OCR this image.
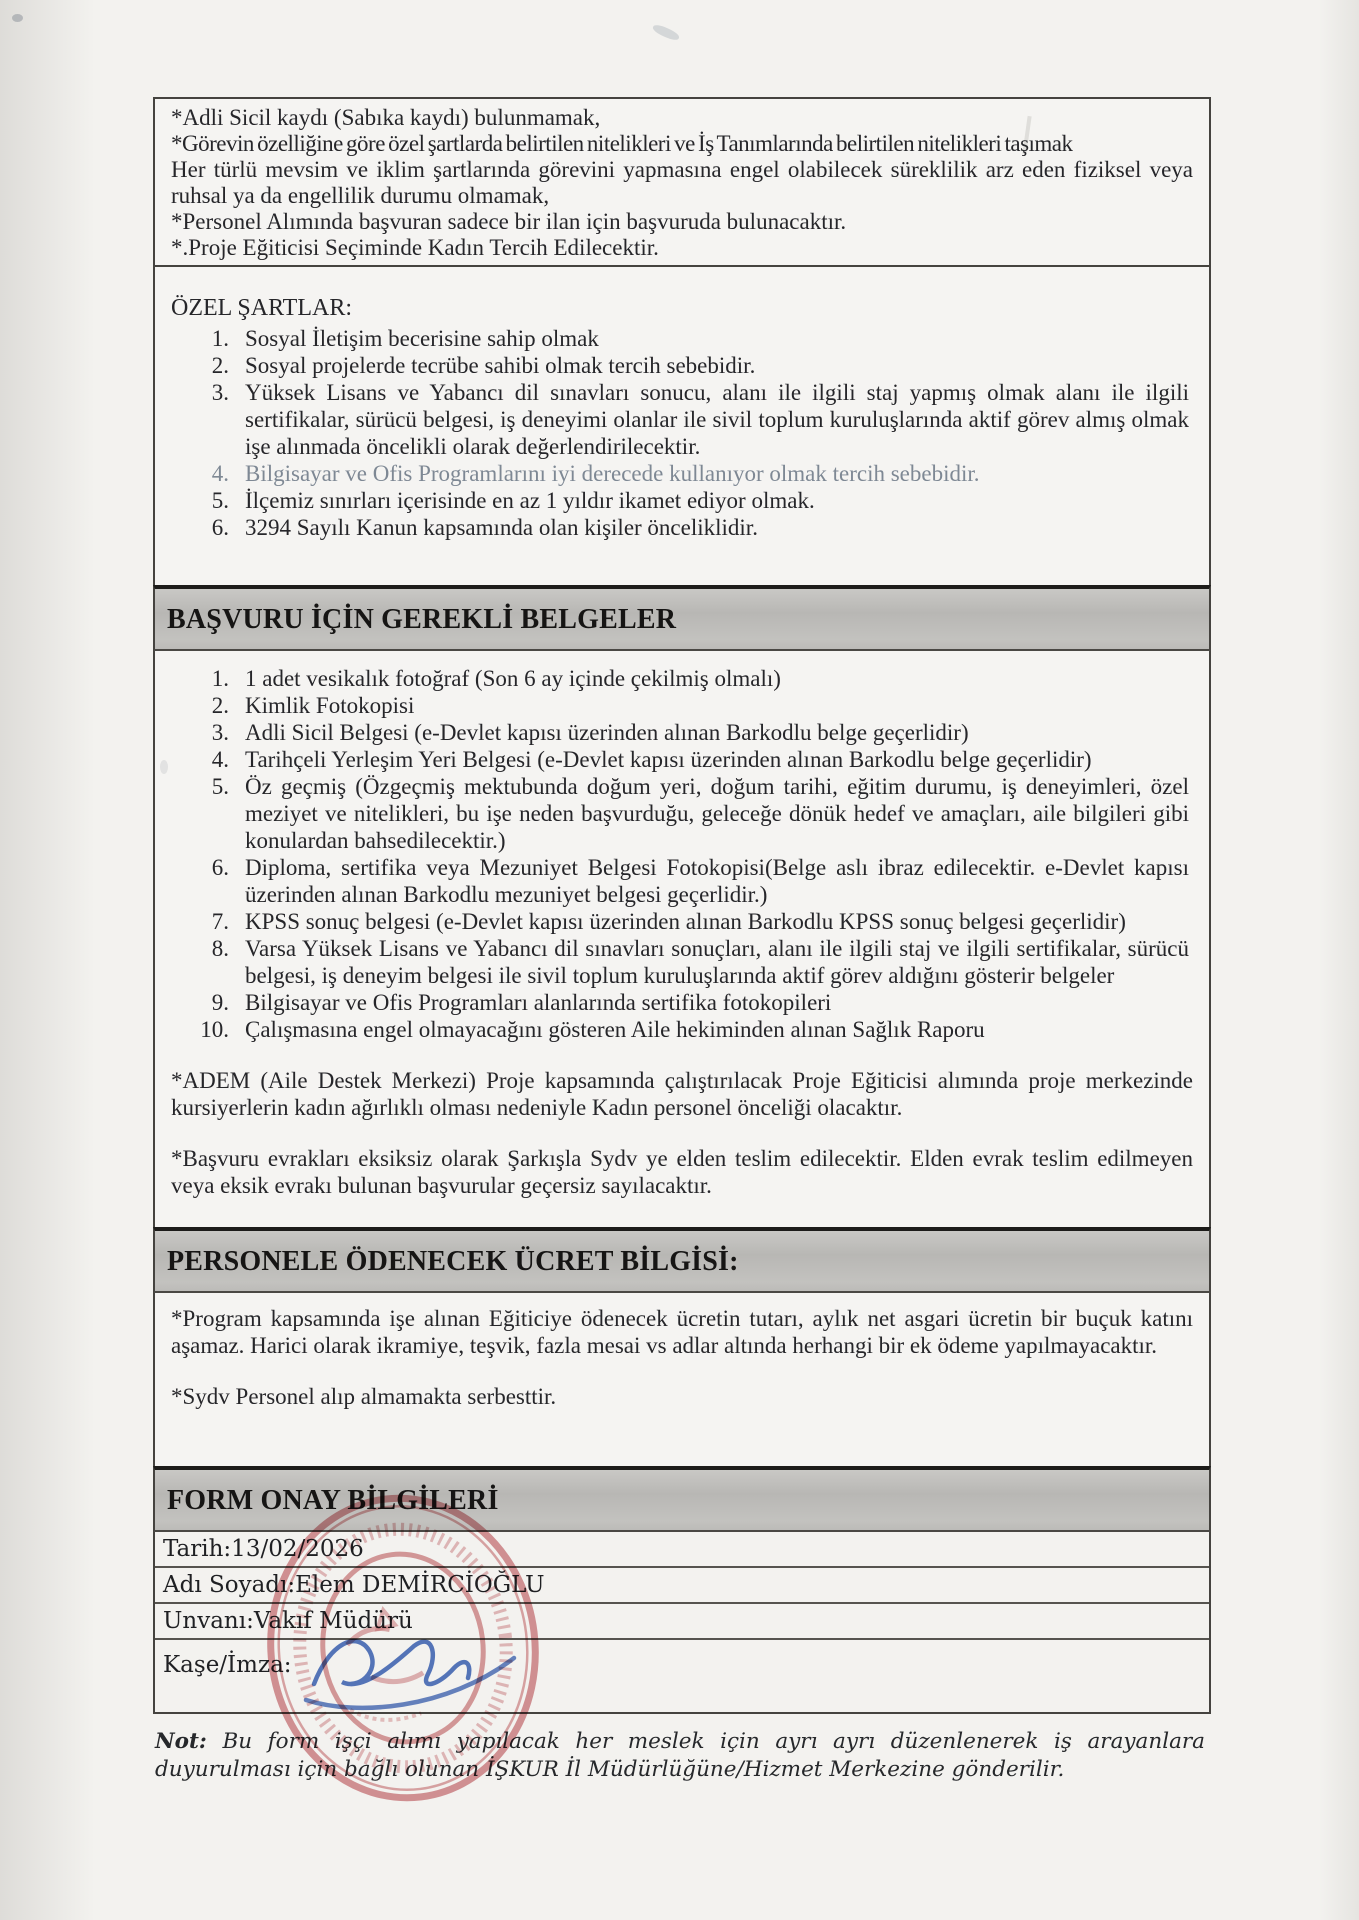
*Adli Sicil kaydı (Sabıka kaydı) bulunmamak,

*Görevin özelliğine göre özel şartlarda belirtilen nitelikleri ve İş Tanımlarında belirtilen nitelikleri taşımak

Her türlü mevsim ve iklim şartlarında görevini yapmasına engel olabilecek süreklilik arz eden fiziksel veya ruhsal ya da engellilik durumu olmamak,

*Personel Alımında başvuran sadece bir ilan için başvuruda bulunacaktır.

*.Proje Eğiticisi Seçiminde Kadın Tercih Edilecektir.

ÖZEL ŞARTLAR:

1. Sosyal İletişim becerisine sahip olmak
2. Sosyal projelerde tecrübe sahibi olmak tercih sebebidir.
3. Yüksek Lisans ve Yabancı dil sınavları sonucu, alanı ile ilgili staj yapmış olmak alanı ile ilgili sertifikalar, sürücü belgesi, iş deneyimi olanlar ile sivil toplum kuruluşlarında aktif görev almış olmak işe alınmada öncelikli olarak değerlendirilecektir.
4. Bilgisayar ve Ofis Programlarını iyi derecede kullanıyor olmak tercih sebebidir.
5. İlçemiz sınırları içerisinde en az 1 yıldır ikamet ediyor olmak.
6. 3294 Sayılı Kanun kapsamında olan kişiler önceliklidir.
BAŞVURU İÇİN GEREKLİ BELGELER
1. 1 adet vesikalık fotoğraf (Son 6 ay içinde çekilmiş olmalı)
2. Kimlik Fotokopisi
3. Adli Sicil Belgesi (e-Devlet kapısı üzerinden alınan Barkodlu belge geçerlidir)
4. Tarihçeli Yerleşim Yeri Belgesi (e-Devlet kapısı üzerinden alınan Barkodlu belge geçerlidir)
5. Öz geçmiş (Özgeçmiş mektubunda doğum yeri, doğum tarihi, eğitim durumu, iş deneyimleri, özel meziyet ve nitelikleri, bu işe neden başvurduğu, geleceğe dönük hedef ve amaçları, aile bilgileri gibi konulardan bahsedilecektir.)
6. Diploma, sertifika veya Mezuniyet Belgesi Fotokopisi(Belge aslı ibraz edilecektir. e-Devlet kapısı üzerinden alınan Barkodlu mezuniyet belgesi geçerlidir.)
7. KPSS sonuç belgesi (e-Devlet kapısı üzerinden alınan Barkodlu KPSS sonuç belgesi geçerlidir)
8. Varsa Yüksek Lisans ve Yabancı dil sınavları sonuçları, alanı ile ilgili staj ve ilgili sertifikalar, sürücü belgesi, iş deneyim belgesi ile sivil toplum kuruluşlarında aktif görev aldığını gösterir belgeler
9. Bilgisayar ve Ofis Programları alanlarında sertifika fotokopileri
10. Çalışmasına engel olmayacağını gösteren Aile hekiminden alınan Sağlık Raporu

*ADEM (Aile Destek Merkezi) Proje kapsamında çalıştırılacak Proje Eğiticisi alımında proje merkezinde kursiyerlerin kadın ağırlıklı olması nedeniyle Kadın personel önceliği olacaktır.

*Başvuru evrakları eksiksiz olarak Şarkışla Sydv ye elden teslim edilecektir. Elden evrak teslim edilmeyen veya eksik evrakı bulunan başvurular geçersiz sayılacaktır.

PERSONELE ÖDENECEK ÜCRET BİLGİSİ:

*Program kapsamında işe alınan Eğiticiye ödenecek ücretin tutarı, aylık net asgari ücretin bir buçuk katını aşamaz. Harici olarak ikramiye, teşvik, fazla mesai vs adlar altında herhangi bir ek ödeme yapılmayacaktır.

*Sydv Personel alıp almamakta serbesttir.

FORM ONAY BİLGİLERİ
Tarih:13/02/2026
Adı Soyadı:Elem DEMİRCİOĞLU
Unvanı:Vakıf Müdürü
Kaşe/İmza:

Not: Bu form işçi alımı yapılacak her meslek için ayrı ayrı düzenlenerek iş arayanlara duyurulması için bağlı olunan İŞKUR İl Müdürlüğüne/Hizmet Merkezine gönderilir.
